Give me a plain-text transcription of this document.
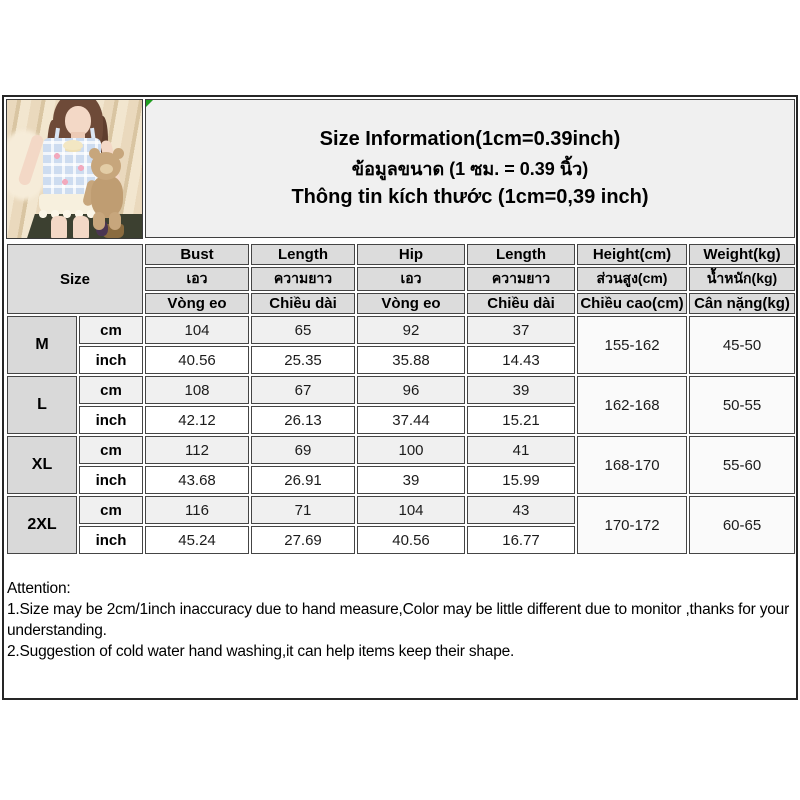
Size Information(1cm=0.39inch)
ข้อมูลขนาด (1 ซม. = 0.39 นิ้ว)
Thông tin kích thước (1cm=0,39 inch)
Size		Bust	Length	Hip	Length	Height(cm)	Weight(kg)
		เอว	ความยาว	เอว	ความยาว	ส่วนสูง(cm)	น้ำหนัก(kg)
		Vòng eo	Chiều dài	Vòng eo	Chiều dài	Chiều cao(cm)	Cân nặng(kg)
M	cm	104	65	92	37	155-162	45-50
	inch	40.56	25.35	35.88	14.43		
L	cm	108	67	96	39	162-168	50-55
	inch	42.12	26.13	37.44	15.21		
XL	cm	112	69	100	41	168-170	55-60
	inch	43.68	26.91	39	15.99		
2XL	cm	116	71	104	43	170-172	60-65
	inch	45.24	27.69	40.56	16.77		
Attention:
1.Size may be 2cm/1inch inaccuracy due to hand measure,Color may be little different due to monitor ,thanks for your understanding.
2.Suggestion of cold water hand washing,it can help items keep their shape.
